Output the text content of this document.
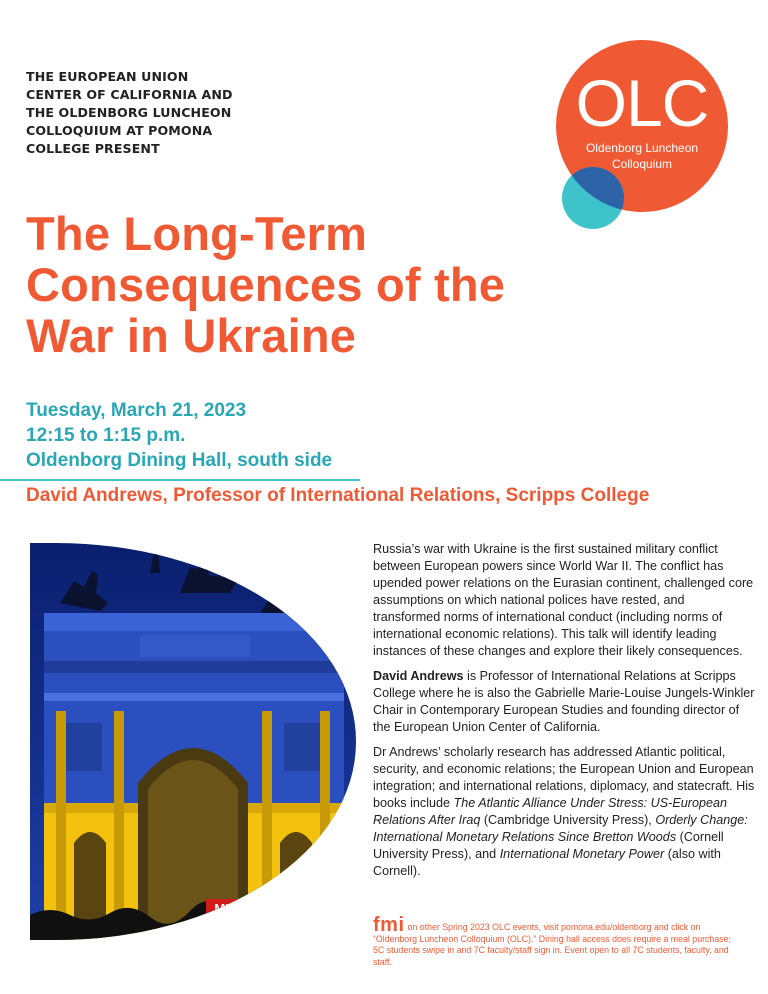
THE EUROPEAN UNION CENTER OF CALIFORNIA AND THE OLDENBORG LUNCHEON COLLOQUIUM AT POMONA COLLEGE PRESENT
OLC
Oldenborg Luncheon
Colloquium
The Long-Term Consequences of the War in Ukraine
Tuesday, March 21, 2023
12:15 to 1:15 p.m.
Oldenborg Dining Hall, south side
David Andrews, Professor of International Relations, Scripps College
MILANO

Russia’s war with Ukraine is the first sustained military conflict between European powers since World War II. The conflict has upended power relations on the Eurasian continent, challenged core assumptions on which national polices have rested, and transformed norms of international conduct (including norms of international economic relations). This talk will identify leading instances of these changes and explore their likely consequences.

David Andrews is Professor of International Relations at Scripps College where he is also the Gabrielle Marie-Louise Jungels-Winkler Chair in Contemporary European Studies and founding director of the European Union Center of California.

Dr Andrews’ scholarly research has addressed Atlantic political, security, and economic relations; the European Union and European integration; and international relations, diplomacy, and statecraft. His books include The Atlantic Alliance Under Stress: US-European Relations After Iraq (Cambridge University Press), Orderly Change: International Monetary Relations Since Bretton Woods (Cornell University Press), and International Monetary Power (also with Cornell).

fmi on other Spring 2023 OLC events, visit pomona.edu/oldenborg and click on “Oldenborg Luncheon Colloquium (OLC).” Dining hall access does require a meal purchase; 5C students swipe in and 7C faculty/staff sign in. Event open to all 7C students, faculty, and staff.
